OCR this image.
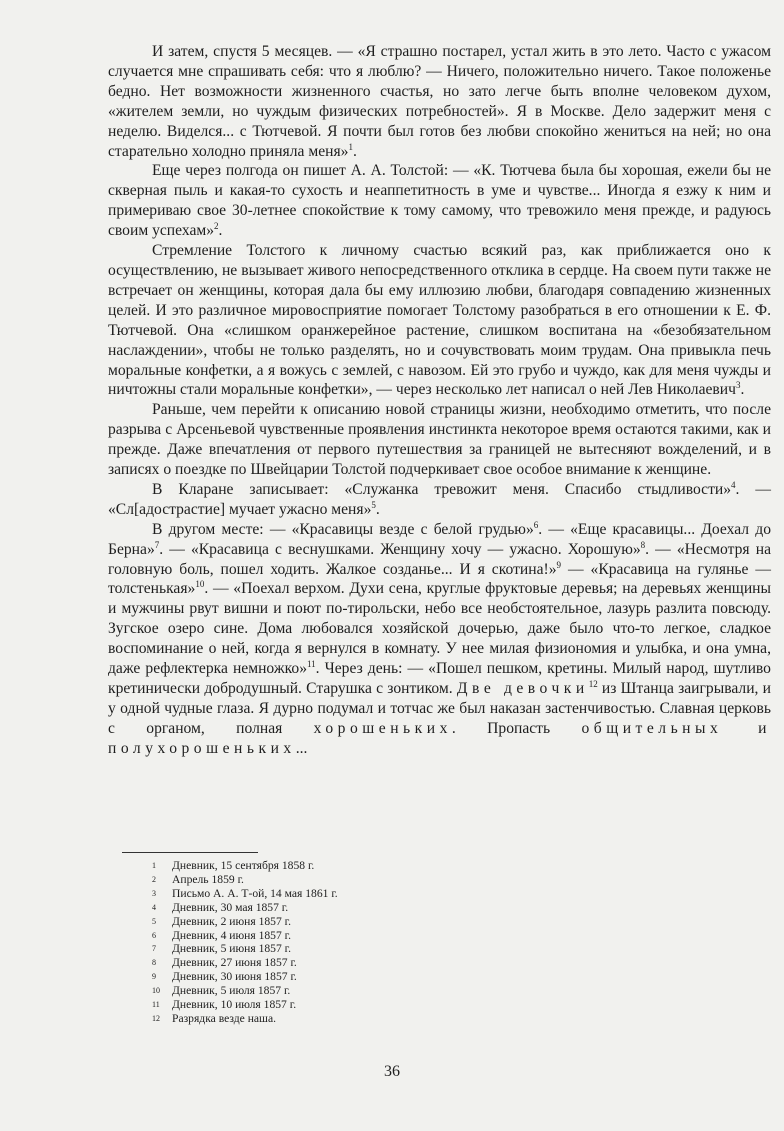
И затем, спустя 5 месяцев. — «Я страшно постарел, устал жить в это лето. Часто с ужасом случается мне спрашивать себя: что я люблю? — Ничего, положительно ничего. Такое положенье бедно. Нет возможности жизненного счастья, но зато легче быть вполне человеком духом, «жителем земли, но чуждым физических потребностей». Я в Москве. Дело задержит меня с неделю. Виделся... с Тютчевой. Я почти был готов без любви спокойно жениться на ней; но она старательно холодно приняла меня»$^1$.

Еще через полгода он пишет А. А. Толстой: — «К. Тютчева была бы хорошая, ежели бы не скверная пыль и какая-то сухость и неаппетитность в уме и чувстве... Иногда я езжу к ним и примериваю свое 30-летнее спокойствие к тому самому, что тревожило меня прежде, и радуюсь своим успехам»$^2$.

Стремление Толстого к личному счастью всякий раз, как приближается оно к осуществлению, не вызывает живого непосредственного отклика в сердце. На своем пути также не встречает он женщины, которая дала бы ему иллюзию любви, благодаря совпадению жизненных целей. И это различное мировосприятие помогает Толстому разобраться в его отношении к Е. Ф. Тютчевой. Она «слишком оранжерейное растение, слишком воспитана на «безобязательном наслаждении», чтобы не только разделять, но и сочувствовать моим трудам. Она привыкла печь моральные конфетки, а я вожусь с землей, с навозом. Ей это грубо и чуждо, как для меня чужды и ничтожны стали моральные конфетки», — через несколько лет написал о ней Лев Николаевич$^3$.

Раньше, чем перейти к описанию новой страницы жизни, необходимо отметить, что после разрыва с Арсеньевой чувственные проявления инстинкта некоторое время остаются такими, как и прежде. Даже впечатления от первого путешествия за границей не вытесняют вожделений, и в записях о поездке по Швейцарии Толстой подчеркивает свое особое внимание к женщине.

В Кларане записывает: «Служанка тревожит меня. Спасибо стыдливости»$^4$. — «Сл[адострастие] мучает ужасно меня»$^5$.

В другом месте: — «Красавицы везде с белой грудью»$^6$. — «Еще красавицы... Доехал до Берна»$^7$. — «Красавица с веснушками. Женщину хочу — ужасно. Хорошую»$^8$. — «Несмотря на головную боль, пошел ходить. Жалкое созданье... И я скотина!»$^9$ — «Красавица на гулянье — толстенькая»$^{10}$. — «Поехал верхом. Духи сена, круглые фруктовые деревья; на деревьях женщины и мужчины рвут вишни и поют по-тирольски, небо все необстоятельное, лазурь разлита повсюду. Зугское озеро сине. Дома любовался хозяйской дочерью, даже было что-то легкое, сладкое воспоминание о ней, когда я вернулся в комнату. У нее милая физиономия и улыбка, и она умна, даже рефлектерка немножко»$^{11}$. Через день: — «Пошел пешком, кретины. Милый народ, шутливо кретинически добродушный. Старушка с зонтиком. Две девочки$^{12}$ из Штанца заигрывали, и у одной чудные глаза. Я дурно подумал и тотчас же был наказан застенчивостью. Славная церковь с органом, полная хорошеньких. Пропасть общительных и полухорошеньких...

1	Дневник, 15 сентября 1858 г.
2	Апрель 1859 г.
3	Письмо А. А. Т-ой, 14 мая 1861 г.
4	Дневник, 30 мая 1857 г.
5	Дневник, 2 июня 1857 г.
6	Дневник, 4 июня 1857 г.
7	Дневник, 5 июня 1857 г.
8	Дневник, 27 июня 1857 г.
9	Дневник, 30 июня 1857 г.
10	Дневник, 5 июля 1857 г.
11	Дневник, 10 июля 1857 г.
12	Разрядка везде наша.
36
